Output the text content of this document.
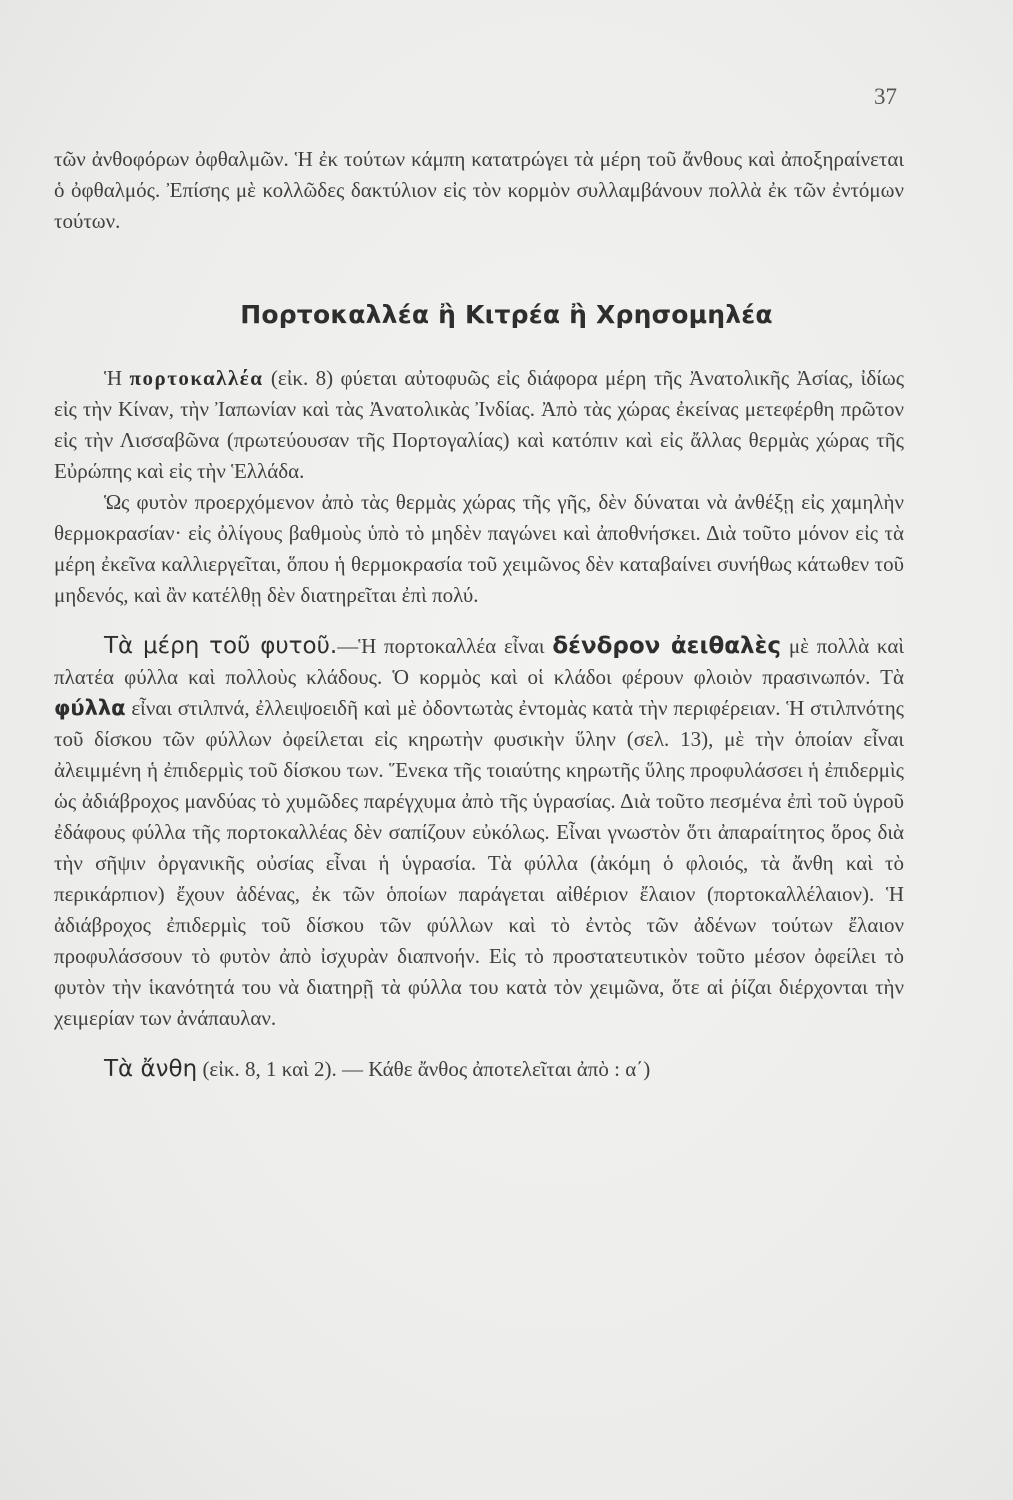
37

τῶν ἀνθοφόρων ὀφθαλμῶν. Ἡ ἐκ τούτων κάμπη κατατρώγει τὰ μέρη τοῦ ἄνθους καὶ ἀποξηραίνεται ὁ ὀφθαλμός. Ἐπίσης μὲ κολλῶδες δακτύλιον εἰς τὸν κορμὸν συλλαμβάνουν πολλὰ ἐκ τῶν ἐντόμων τούτων.

Πορτοκαλλέα ἢ Κιτρέα ἢ Χρησομηλέα

Ἡ πορτοκαλλέα (εἰκ. 8) φύεται αὐτοφυῶς εἰς διάφορα μέρη τῆς Ἀνατολικῆς Ἀσίας, ἰδίως εἰς τὴν Κίναν, τὴν Ἰαπωνίαν καὶ τὰς Ἀνατολικὰς Ἰνδίας. Ἀπὸ τὰς χώρας ἐκείνας μετεφέρθη πρῶτον εἰς τὴν Λισσαβῶνα (πρωτεύουσαν τῆς Πορτογαλίας) καὶ κατόπιν καὶ εἰς ἄλλας θερμὰς χώρας τῆς Εὐρώπης καὶ εἰς τὴν Ἑλλάδα.

Ὡς φυτὸν προερχόμενον ἀπὸ τὰς θερμὰς χώρας τῆς γῆς, δὲν δύναται νὰ ἀνθέξῃ εἰς χαμηλὴν θερμοκρασίαν· εἰς ὀλίγους βαθμοὺς ὑπὸ τὸ μηδὲν παγώνει καὶ ἀποθνήσκει. Διὰ τοῦτο μόνον εἰς τὰ μέρη ἐκεῖνα καλλιεργεῖται, ὅπου ἡ θερμοκρασία τοῦ χειμῶνος δὲν καταβαίνει συνήθως κάτωθεν τοῦ μηδενός, καὶ ἂν κατέλθῃ δὲν διατηρεῖται ἐπὶ πολύ.

Τὰ μέρη τοῦ φυτοῦ.—Ἡ πορτοκαλλέα εἶναι δένδρον ἀειθαλὲς μὲ πολλὰ καὶ πλατέα φύλλα καὶ πολλοὺς κλάδους. Ὁ κορμὸς καὶ οἱ κλάδοι φέρουν φλοιὸν πρασινωπόν. Τὰ φύλλα εἶναι στιλπνά, ἐλλειψοειδῆ καὶ μὲ ὀδοντωτὰς ἐντομὰς κατὰ τὴν περιφέρειαν. Ἡ στιλπνότης τοῦ δίσκου τῶν φύλλων ὀφείλεται εἰς κηρωτὴν φυσικὴν ὕλην (σελ. 13), μὲ τὴν ὁποίαν εἶναι ἀλειμμένη ἡ ἐπιδερμὶς τοῦ δίσκου των. Ἕνεκα τῆς τοιαύτης κηρωτῆς ὕλης προφυλάσσει ἡ ἐπιδερμὶς ὡς ἀδιάβροχος μανδύας τὸ χυμῶδες παρέγχυμα ἀπὸ τῆς ὑγρασίας. Διὰ τοῦτο πεσμένα ἐπὶ τοῦ ὑγροῦ ἐδάφους φύλλα τῆς πορτοκαλλέας δὲν σαπίζουν εὐκόλως. Εἶναι γνωστὸν ὅτι ἀπαραίτητος ὅρος διὰ τὴν σῆψιν ὀργανικῆς οὐσίας εἶναι ἡ ὑγρασία. Τὰ φύλλα (ἀκόμη ὁ φλοιός, τὰ ἄνθη καὶ τὸ περικάρπιον) ἔχουν ἀδένας, ἐκ τῶν ὁποίων παράγεται αἰθέριον ἔλαιον (πορτοκαλλέλαιον). Ἡ ἀδιάβροχος ἐπιδερμὶς τοῦ δίσκου τῶν φύλλων καὶ τὸ ἐντὸς τῶν ἀδένων τούτων ἔλαιον προφυλάσσουν τὸ φυτὸν ἀπὸ ἰσχυρὰν διαπνοήν. Εἰς τὸ προστατευτικὸν τοῦτο μέσον ὀφείλει τὸ φυτὸν τὴν ἱκανότητά του νὰ διατηρῇ τὰ φύλλα του κατὰ τὸν χειμῶνα, ὅτε αἱ ῥίζαι διέρχονται τὴν χειμερίαν των ἀνάπαυλαν.

Τὰ ἄνθη (εἰκ. 8, 1 καὶ 2). — Κάθε ἄνθος ἀποτελεῖται ἀπὸ : α΄)
